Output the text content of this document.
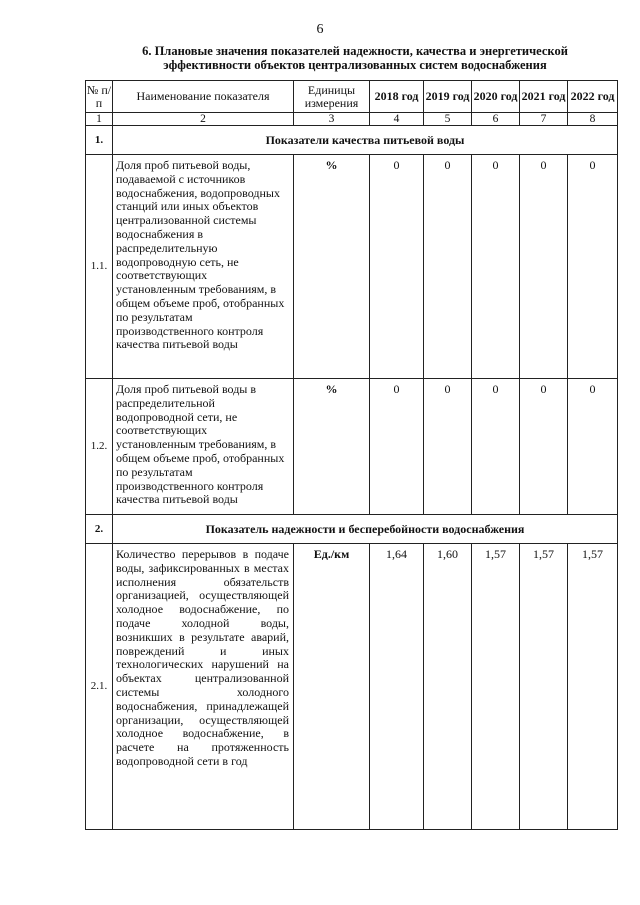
6
6. Плановые значения показателей надежности, качества и энергетической
эффективности объектов централизованных систем водоснабжения
№ п/п	Наименование показателя	Единицы измерения	2018 год	2019 год	2020 год	2021 год	2022 год
1	2	3	4	5	6	7	8
1.	Показатели качества питьевой воды						
1.1.	Доля проб питьевой воды, подаваемой с источников водоснабжения, водопроводных станций или иных объектов централизованной системы водоснабжения в распределительную водопроводную сеть, не соответствующих установленным требованиям, в общем объеме проб, отобранных по результатам производственного контроля качества питьевой воды	%	0	0	0	0	0
1.2.	Доля проб питьевой воды в распределительной водопроводной сети, не соответствующих установленным требованиям, в общем объеме проб, отобранных по результатам производственного контроля качества питьевой воды	%	0	0	0	0	0
2.	Показатель надежности и бесперебойности водоснабжения						
2.1.	Количество перерывов в подаче воды, зафиксированных в местах исполнения обязательств организацией, осуществляющей холодное водоснабжение, по подаче холодной воды, возникших в результате аварий, повреждений и иных технологических нарушений на объектах централизованной системы холодного водоснабжения, принадлежащей организации, осуществляющей холодное водоснабжение, в расчете на протяженность водопроводной сети в год	Ед./км	1,64	1,60	1,57	1,57	1,57
